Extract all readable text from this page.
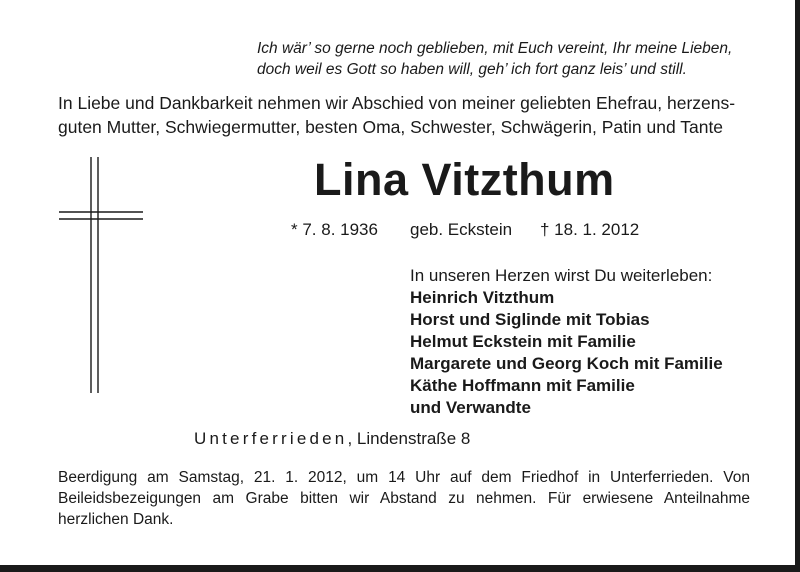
Ich wär’ so gerne noch geblieben, mit Euch vereint, Ihr meine Lieben,
doch weil es Gott so haben will, geh’ ich fort ganz leis’ und still.
In Liebe und Dankbarkeit nehmen wir Abschied von meiner geliebten Ehefrau, herzens-
guten Mutter, Schwiegermutter, besten Oma, Schwester, Schwägerin, Patin und Tante
Lina Vitzthum
* 7. 8. 1936 geb. Eckstein † 18. 1. 2012
In unseren Herzen wirst Du weiterleben:
Heinrich Vitzthum
Horst und Siglinde mit Tobias
Helmut Eckstein mit Familie
Margarete und Georg Koch mit Familie
Käthe Hoffmann mit Familie
und Verwandte
Unterferrieden, Lindenstraße 8
Beerdigung am Samstag, 21. 1. 2012, um 14 Uhr auf dem Friedhof in Unterferrieden. Von Beileidsbezeigungen am Grabe bitten wir Abstand zu nehmen. Für erwiesene Anteilnahme herzlichen Dank.
